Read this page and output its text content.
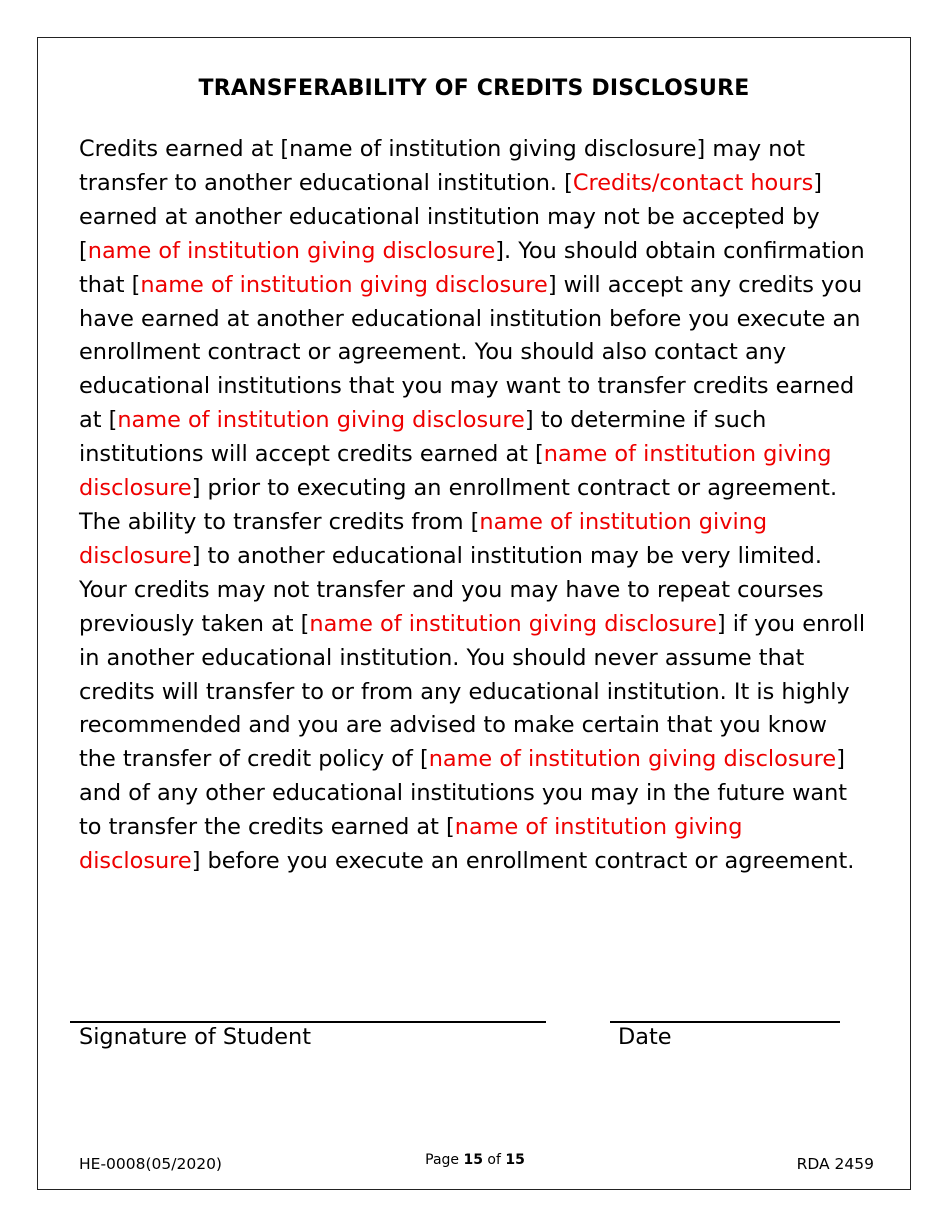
TRANSFERABILITY OF CREDITS DISCLOSURE
Credits earned at [name of institution giving disclosure] may not transfer to another educational institution. [Credits/contact hours] earned at another educational institution may not be accepted by [name of institution giving disclosure]. You should obtain confirmation that [name of institution giving disclosure] will accept any credits you have earned at another educational institution before you execute an enrollment contract or agreement. You should also contact any educational institutions that you may want to transfer credits earned at [name of institution giving disclosure] to determine if such institutions will accept credits earned at [name of institution giving disclosure] prior to executing an enrollment contract or agreement. The ability to transfer credits from [name of institution giving disclosure] to another educational institution may be very limited. Your credits may not transfer and you may have to repeat courses previously taken at [name of institution giving disclosure] if you enroll in another educational institution. You should never assume that credits will transfer to or from any educational institution. It is highly recommended and you are advised to make certain that you know the transfer of credit policy of [name of institution giving disclosure] and of any other educational institutions you may in the future want to transfer the credits earned at [name of institution giving disclosure] before you execute an enrollment contract or agreement.
Signature of Student	Date
HE-0008(05/2020)	Page 15 of 15	RDA 2459
